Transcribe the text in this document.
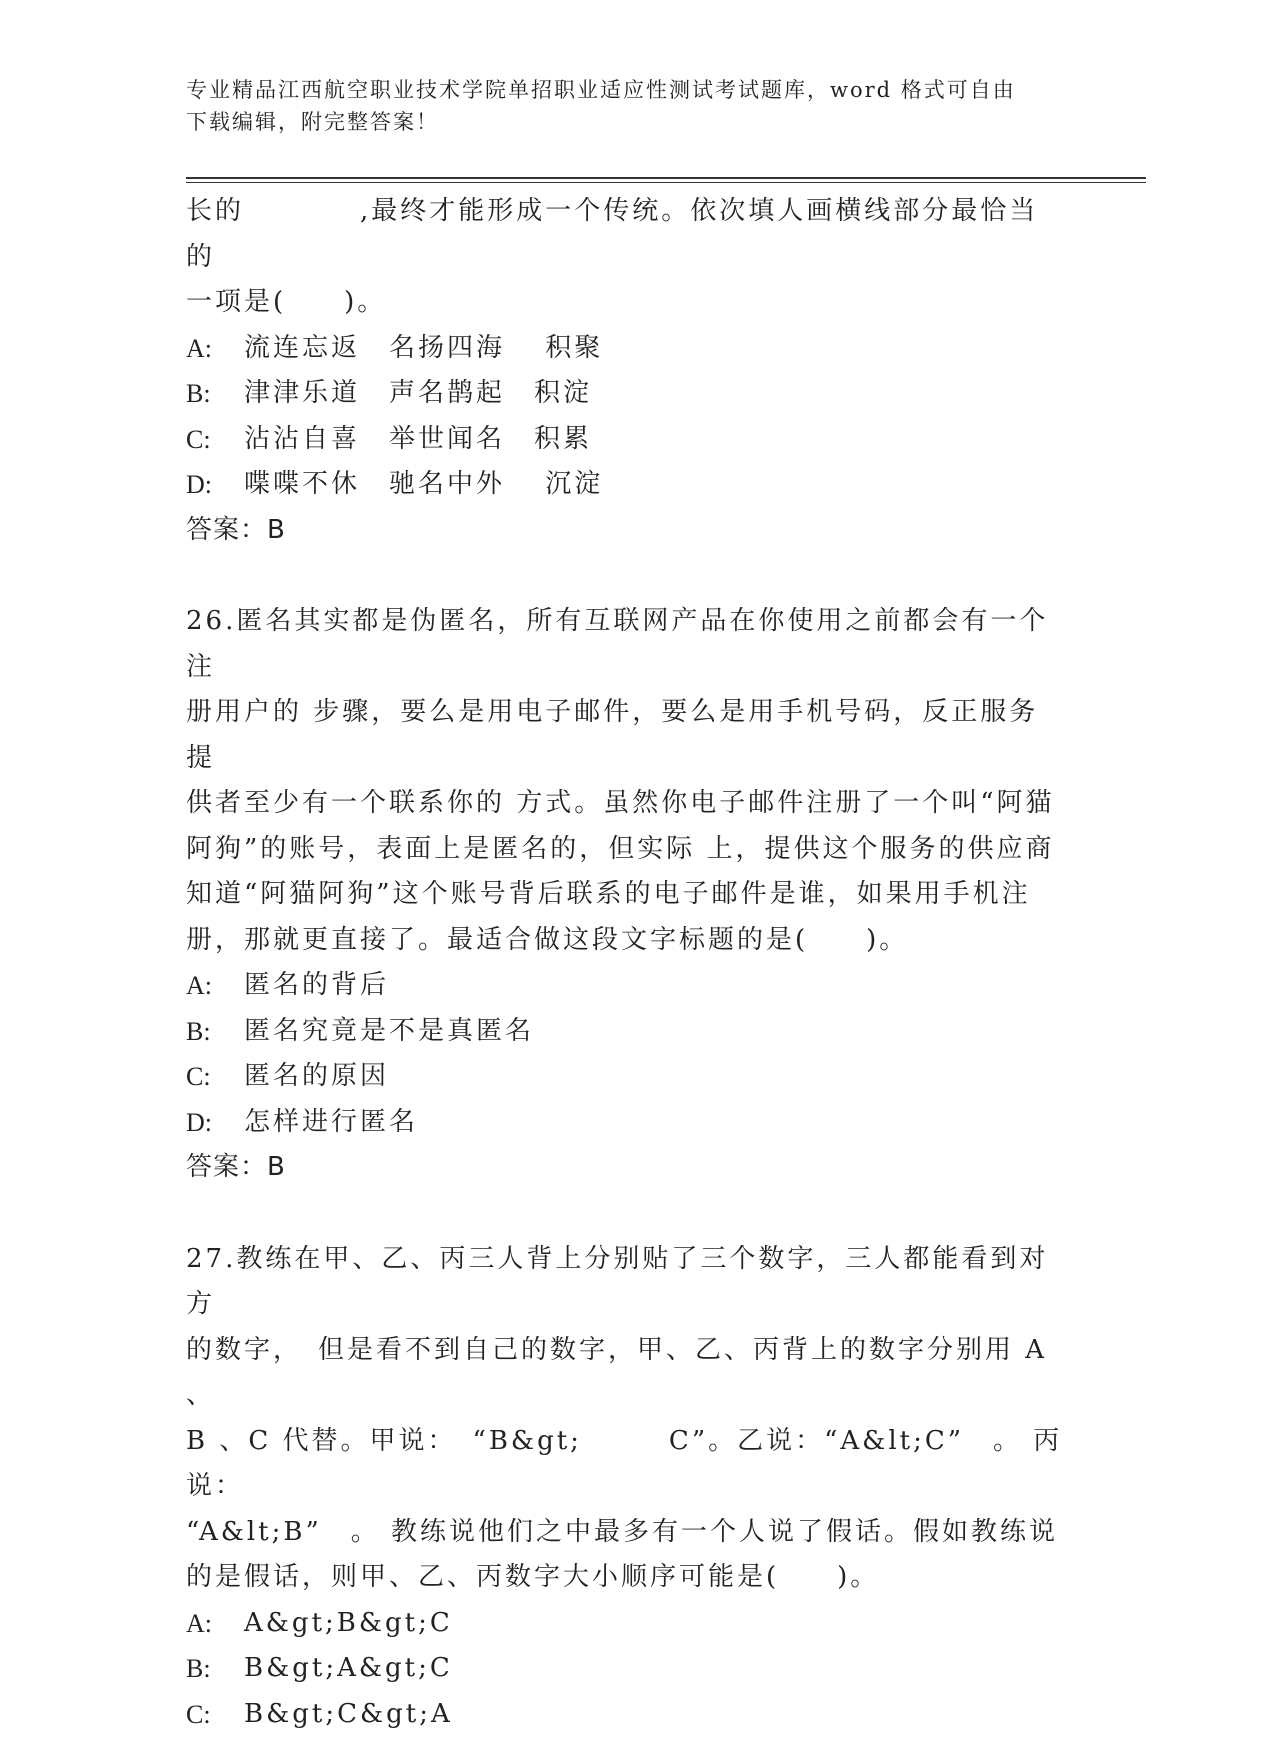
专业精品江西航空职业技术学院单招职业适应性测试考试题库，word 格式可自由
下载编辑，附完整答案！

长的　　　　,最终才能形成一个传统。依次填人画横线部分最恰当的

一项是(　　)。

A:	流连忘返　名扬四海　 积聚

B:	津津乐道　声名鹊起　积淀

C:	沾沾自喜　举世闻名　积累

D:	喋喋不休　驰名中外　 沉淀

答案：B

26.匿名其实都是伪匿名，所有互联网产品在你使用之前都会有一个注

册用户的 步骤，要么是用电子邮件，要么是用手机号码，反正服务提

供者至少有一个联系你的 方式。虽然你电子邮件注册了一个叫“阿猫

阿狗”的账号，表面上是匿名的，但实际 上，提供这个服务的供应商

知道“阿猫阿狗”这个账号背后联系的电子邮件是谁，如果用手机注

册，那就更直接了。最适合做这段文字标题的是(　　)。

A:	匿名的背后

B:	匿名究竟是不是真匿名

C:	匿名的原因

D:	怎样进行匿名

答案：B

27.教练在甲、乙、丙三人背上分别贴了三个数字，三人都能看到对方

的数字，　但是看不到自己的数字，甲、乙、丙背上的数字分别用 A 、

B 、C 代替。甲说：　“B&gt;　　　C”。乙说：“A&lt;C”　。 丙说：

“A&lt;B”　。 教练说他们之中最多有一个人说了假话。假如教练说

的是假话，则甲、乙、丙数字大小顺序可能是(　　)。

A:	A&gt;B&gt;C

B:	B&gt;A&gt;C

C:	B&gt;C&gt;A
